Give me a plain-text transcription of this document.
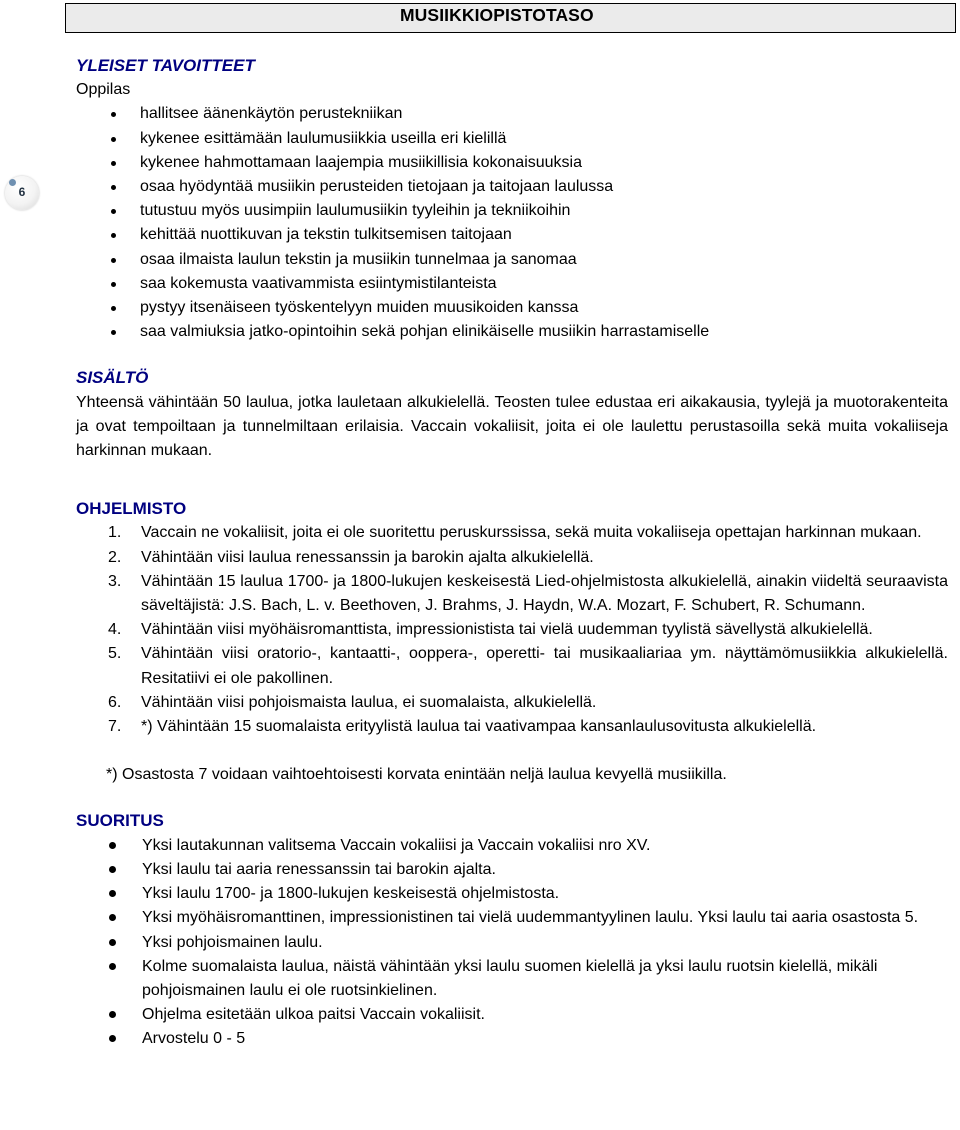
MUSIIKKIOPISTOTASO
6

YLEISET TAVOITTEET

Oppilas

hallitsee äänenkäytön perustekniikan
kykenee esittämään laulumusiikkia useilla eri kielillä
kykenee hahmottamaan laajempia musiikillisia kokonaisuuksia
osaa hyödyntää musiikin perusteiden tietojaan ja taitojaan laulussa
tutustuu myös uusimpiin laulumusiikin tyyleihin ja tekniikoihin
kehittää nuottikuvan ja tekstin tulkitsemisen taitojaan
osaa ilmaista laulun tekstin ja musiikin tunnelmaa ja sanomaa
saa kokemusta vaativammista esiintymistilanteista
pystyy itsenäiseen työskentelyyn muiden muusikoiden kanssa
saa valmiuksia jatko-opintoihin sekä pohjan elinikäiselle musiikin harrastamiselle

SISÄLTÖ

Yhteensä vähintään 50 laulua, jotka lauletaan alkukielellä. Teosten tulee edustaa eri aikakausia, tyylejä ja muotorakenteita ja ovat tempoiltaan ja tunnelmiltaan erilaisia. Vaccain vokaliisit, joita ei ole laulettu perustasoilla sekä muita vokaliiseja harkinnan mukaan.

OHJELMISTO

1. Vaccain ne vokaliisit, joita ei ole suoritettu peruskurssissa, sekä muita vokaliiseja opettajan harkinnan mukaan.
2. Vähintään viisi laulua renessanssin ja barokin ajalta alkukielellä.
3. Vähintään 15 laulua 1700- ja 1800-lukujen keskeisestä Lied-ohjelmistosta alkukielellä, ainakin viideltä seuraavista säveltäjistä: J.S. Bach, L. v. Beethoven, J. Brahms, J. Haydn, W.A. Mozart, F. Schubert, R. Schumann.
4. Vähintään viisi myöhäisromanttista, impressionistista tai vielä uudemman tyylistä sävellystä alkukielellä.
5. Vähintään viisi oratorio-, kantaatti-, ooppera-, operetti- tai musikaaliariaa ym. näyttämömusiikkia alkukielellä. Resitatiivi ei ole pakollinen.
6. Vähintään viisi pohjoismaista laulua, ei suomalaista, alkukielellä.
7. *) Vähintään 15 suomalaista erityylistä laulua tai vaativampaa kansanlaulusovitusta alkukielellä.

*) Osastosta 7 voidaan vaihtoehtoisesti korvata enintään neljä laulua kevyellä musiikilla.

SUORITUS

Yksi lautakunnan valitsema Vaccain vokaliisi ja Vaccain vokaliisi nro XV.
Yksi laulu tai aaria renessanssin tai barokin ajalta.
Yksi laulu 1700- ja 1800-lukujen keskeisestä ohjelmistosta.
Yksi myöhäisromanttinen, impressionistinen tai vielä uudemmantyylinen laulu. Yksi laulu tai aaria osastosta 5.
Yksi pohjoismainen laulu.
Kolme suomalaista laulua, näistä vähintään yksi laulu suomen kielellä ja yksi laulu ruotsin kielellä, mikäli pohjoismainen laulu ei ole ruotsinkielinen.
Ohjelma esitetään ulkoa paitsi Vaccain vokaliisit.
Arvostelu 0 - 5
